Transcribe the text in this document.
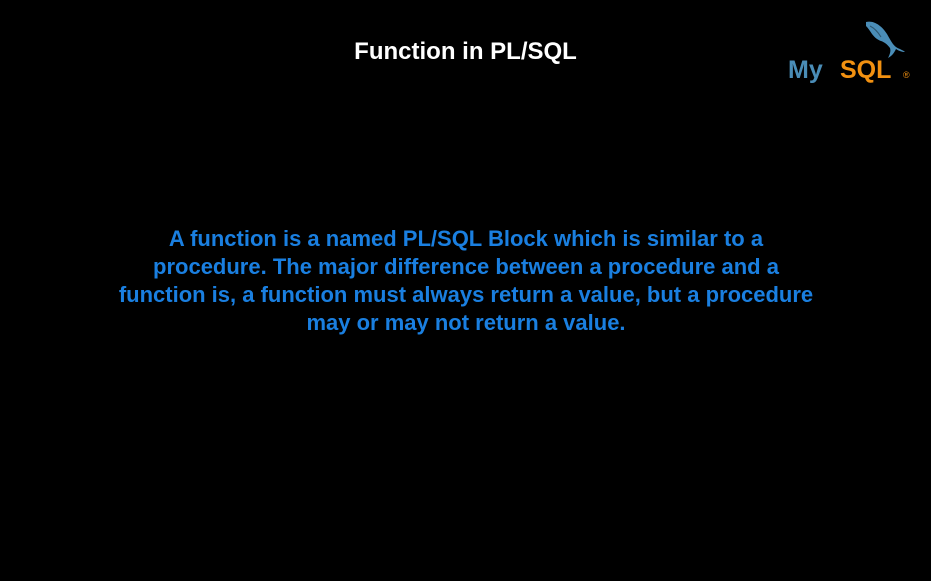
Function in PL/SQL
My SQL ®

A function is a named PL/SQL Block which is similar to a procedure. The major difference between a procedure and a function is, a function must always return a value, but a procedure may or may not return a value.
